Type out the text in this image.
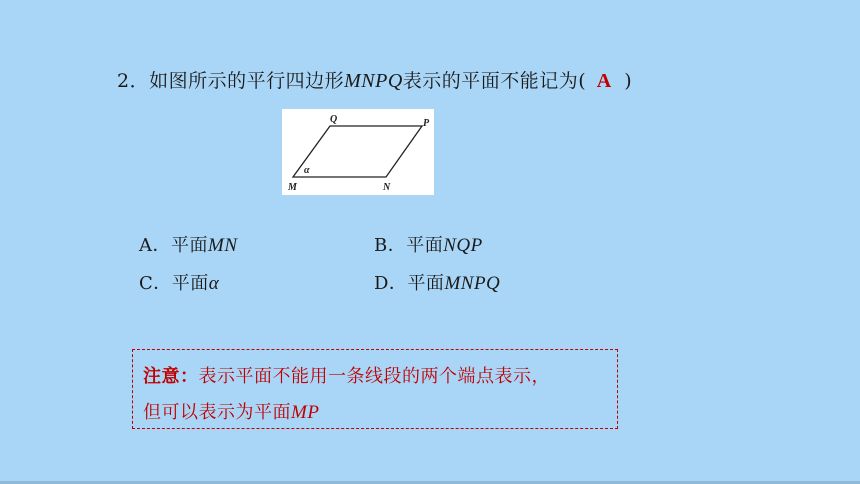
2．如图所示的平行四边形MNPQ表示的平面不能记为( A )
Q	P
M	N
α
A．平面MN	B．平面NQP
C．平面α	D．平面MNPQ
注意：表示平面不能用一条线段的两个端点表示，
但可以表示为平面MP
